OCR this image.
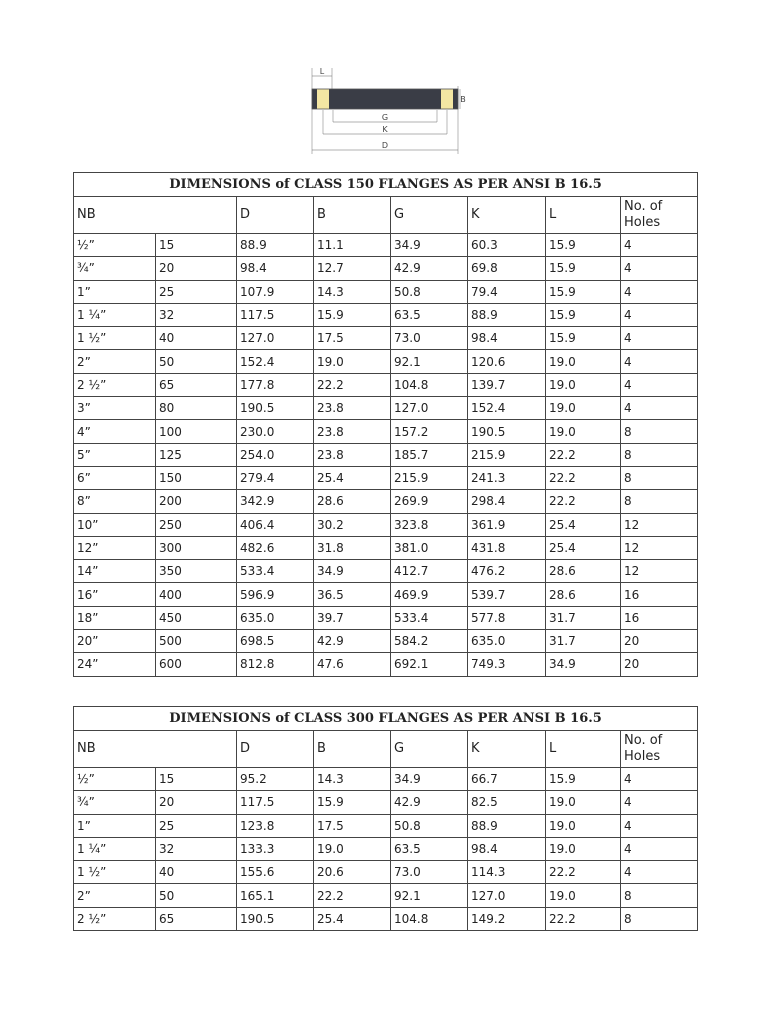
L
B
G
K
D
DIMENSIONS of CLASS 150 FLANGES AS PER ANSI B 16.5							
NB		D	B	G	K	L	No. of Holes
½”	15	88.9	11.1	34.9	60.3	15.9	4
¾”	20	98.4	12.7	42.9	69.8	15.9	4
1”	25	107.9	14.3	50.8	79.4	15.9	4
1 ¼”	32	117.5	15.9	63.5	88.9	15.9	4
1 ½”	40	127.0	17.5	73.0	98.4	15.9	4
2”	50	152.4	19.0	92.1	120.6	19.0	4
2 ½”	65	177.8	22.2	104.8	139.7	19.0	4
3”	80	190.5	23.8	127.0	152.4	19.0	4
4”	100	230.0	23.8	157.2	190.5	19.0	8
5”	125	254.0	23.8	185.7	215.9	22.2	8
6”	150	279.4	25.4	215.9	241.3	22.2	8
8”	200	342.9	28.6	269.9	298.4	22.2	8
10”	250	406.4	30.2	323.8	361.9	25.4	12
12”	300	482.6	31.8	381.0	431.8	25.4	12
14”	350	533.4	34.9	412.7	476.2	28.6	12
16”	400	596.9	36.5	469.9	539.7	28.6	16
18”	450	635.0	39.7	533.4	577.8	31.7	16
20”	500	698.5	42.9	584.2	635.0	31.7	20
24”	600	812.8	47.6	692.1	749.3	34.9	20
DIMENSIONS of CLASS 300 FLANGES AS PER ANSI B 16.5							
NB		D	B	G	K	L	No. of Holes
½”	15	95.2	14.3	34.9	66.7	15.9	4
¾”	20	117.5	15.9	42.9	82.5	19.0	4
1”	25	123.8	17.5	50.8	88.9	19.0	4
1 ¼”	32	133.3	19.0	63.5	98.4	19.0	4
1 ½”	40	155.6	20.6	73.0	114.3	22.2	4
2”	50	165.1	22.2	92.1	127.0	19.0	8
2 ½”	65	190.5	25.4	104.8	149.2	22.2	8
